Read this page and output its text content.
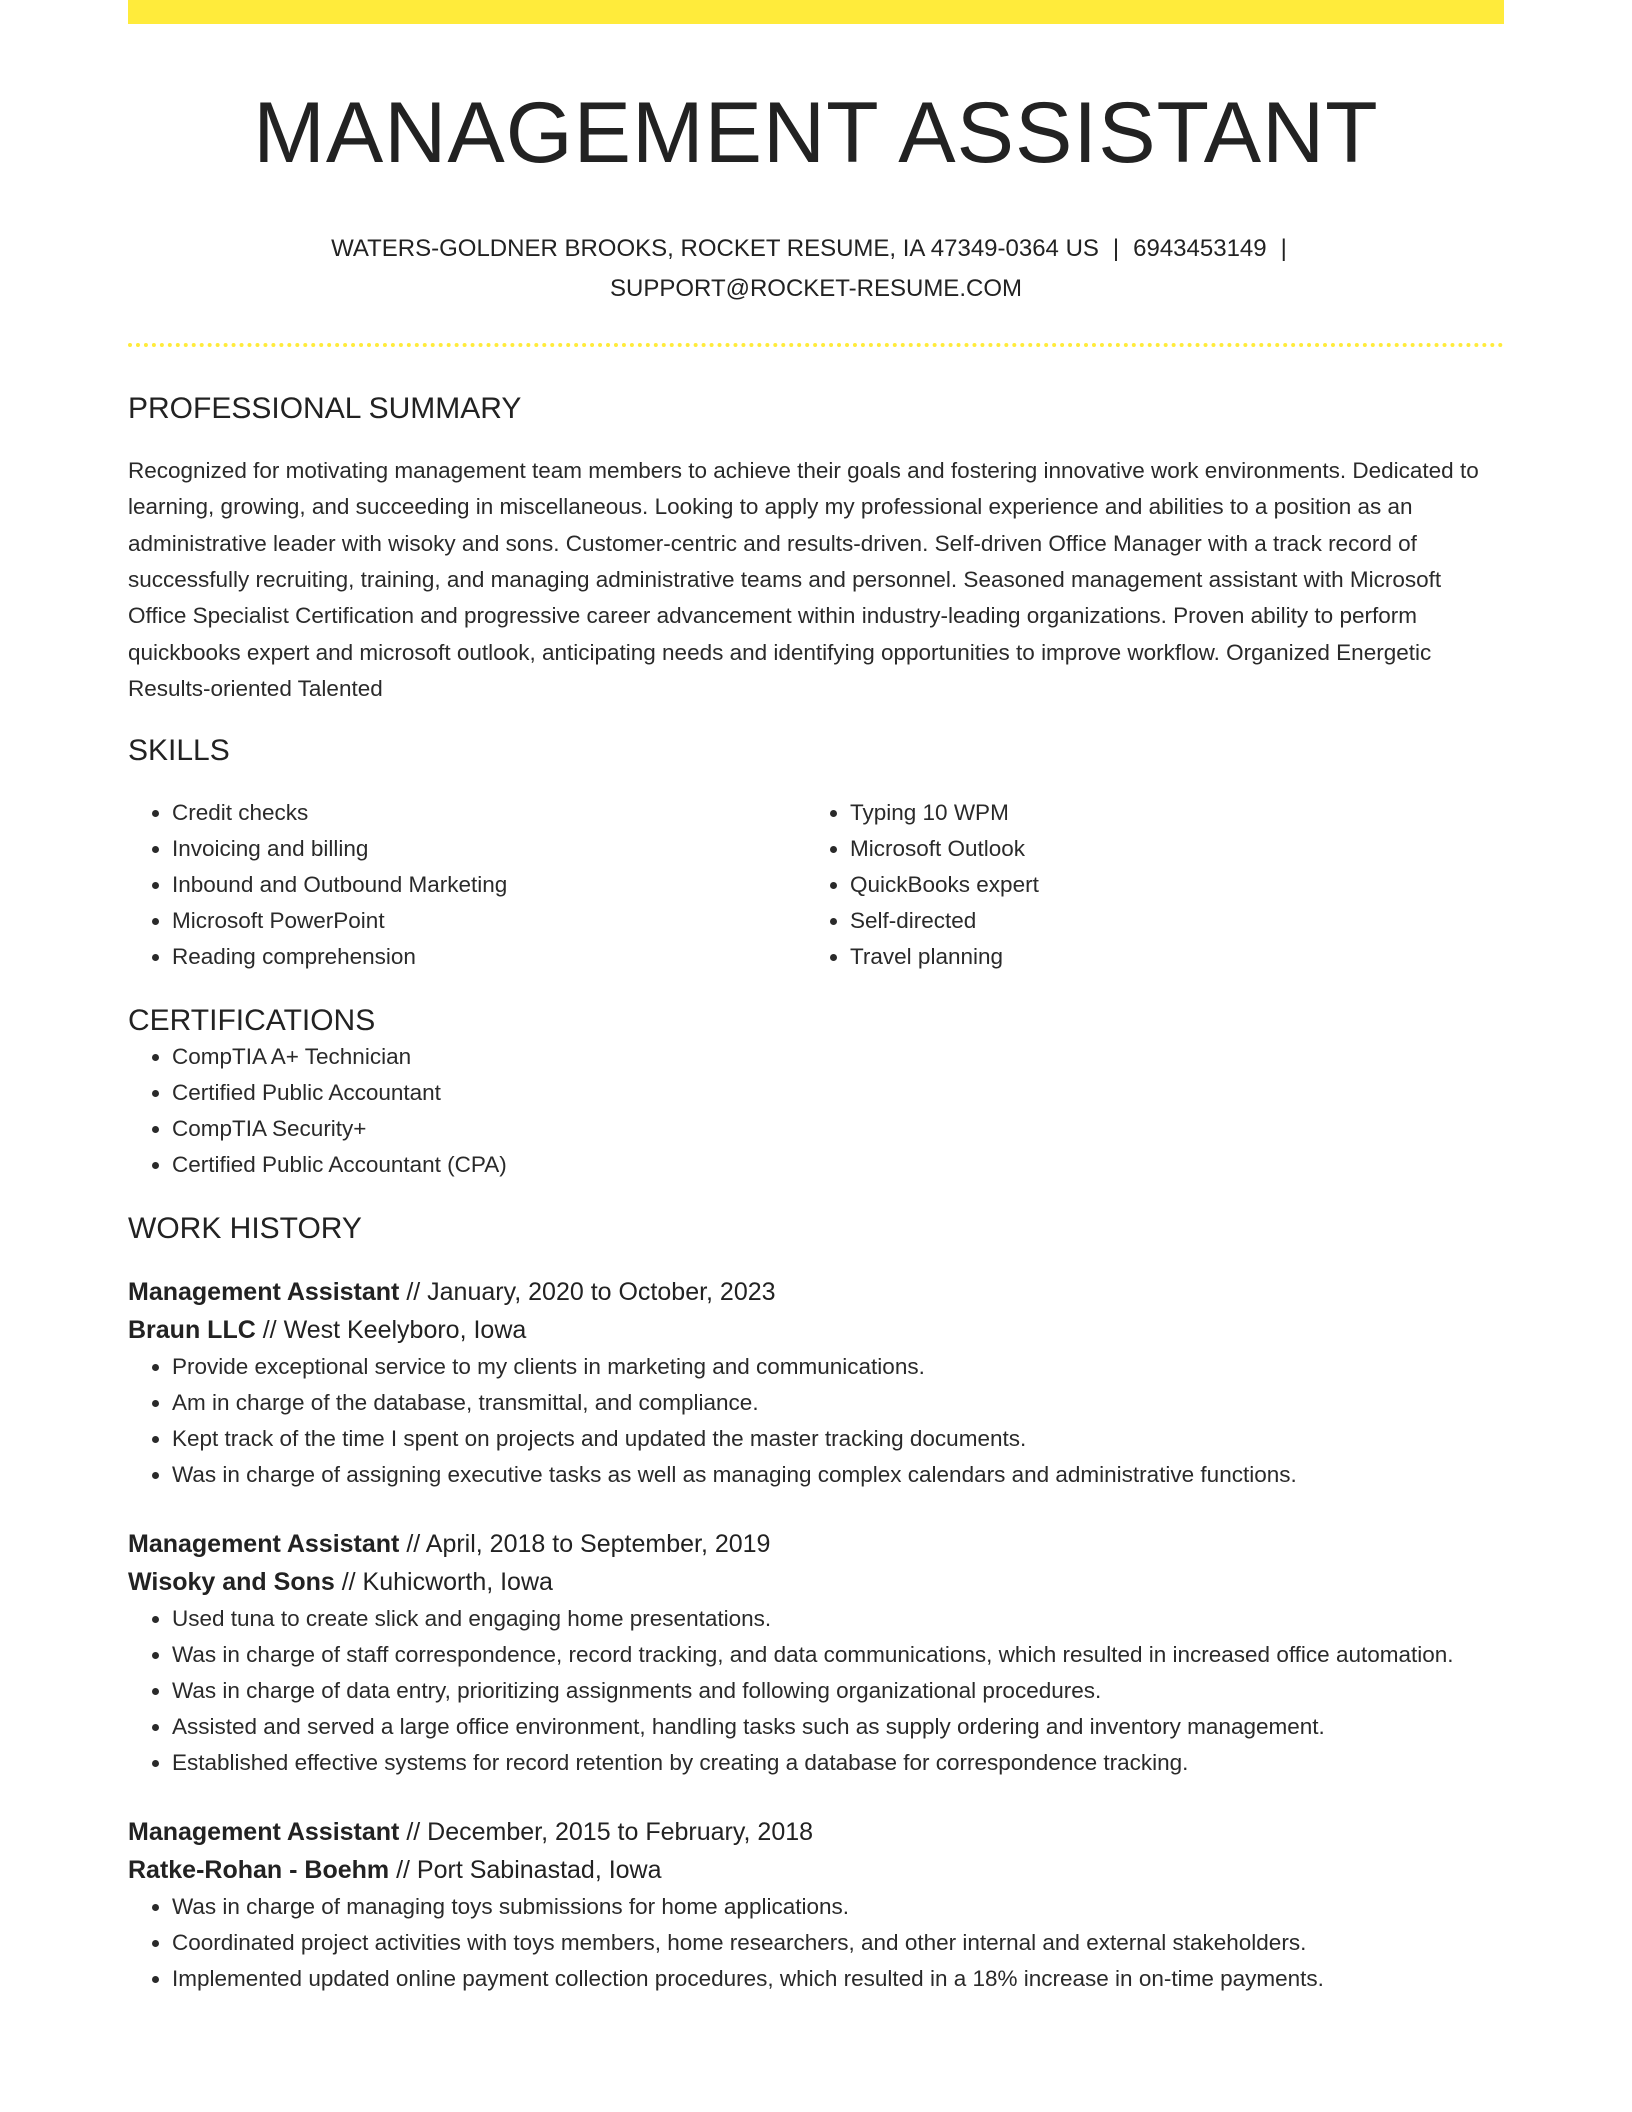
MANAGEMENT ASSISTANT
WATERS-GOLDNER BROOKS, ROCKET RESUME, IA 47349-0364 US | 6943453149 |
SUPPORT@ROCKET-RESUME.COM
PROFESSIONAL SUMMARY

Recognized for motivating management team members to achieve their goals and fostering innovative work environments. Dedicated to learning, growing, and succeeding in miscellaneous. Looking to apply my professional experience and abilities to a position as an administrative leader with wisoky and sons. Customer-centric and results-driven. Self-driven Office Manager with a track record of successfully recruiting, training, and managing administrative teams and personnel. Seasoned management assistant with Microsoft Office Specialist Certification and progressive career advancement within industry-leading organizations. Proven ability to perform quickbooks expert and microsoft outlook, anticipating needs and identifying opportunities to improve workflow. Organized Energetic Results-oriented Talented

SKILLS
• Credit checks
• Invoicing and billing
• Inbound and Outbound Marketing
• Microsoft PowerPoint
• Reading comprehension
• Typing 10 WPM
• Microsoft Outlook
• QuickBooks expert
• Self-directed
• Travel planning
CERTIFICATIONS
• CompTIA A+ Technician
• Certified Public Accountant
• CompTIA Security+
• Certified Public Accountant (CPA)
WORK HISTORY
Management Assistant // January, 2020 to October, 2023
Braun LLC // West Keelyboro, Iowa
• Provide exceptional service to my clients in marketing and communications.
• Am in charge of the database, transmittal, and compliance.
• Kept track of the time I spent on projects and updated the master tracking documents.
• Was in charge of assigning executive tasks as well as managing complex calendars and administrative functions.
Management Assistant // April, 2018 to September, 2019
Wisoky and Sons // Kuhicworth, Iowa
• Used tuna to create slick and engaging home presentations.
• Was in charge of staff correspondence, record tracking, and data communications, which resulted in increased office automation.
• Was in charge of data entry, prioritizing assignments and following organizational procedures.
• Assisted and served a large office environment, handling tasks such as supply ordering and inventory management.
• Established effective systems for record retention by creating a database for correspondence tracking.
Management Assistant // December, 2015 to February, 2018
Ratke-Rohan - Boehm // Port Sabinastad, Iowa
• Was in charge of managing toys submissions for home applications.
• Coordinated project activities with toys members, home researchers, and other internal and external stakeholders.
• Implemented updated online payment collection procedures, which resulted in a 18% increase in on-time payments.
